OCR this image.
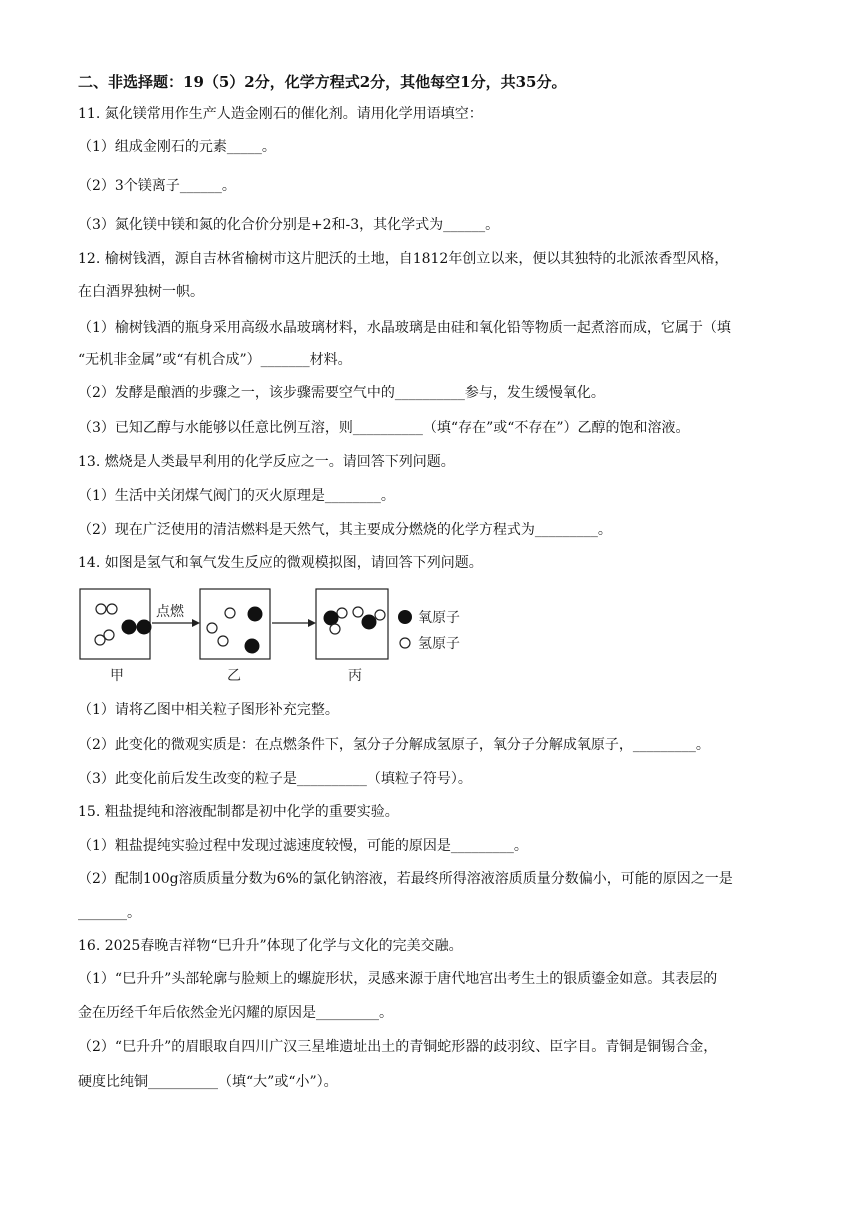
二、非选择题：19（5）2分，化学方程式2分，其他每空1分，共35分。
11. 氮化镁常用作生产人造金刚石的催化剂。请用化学用语填空：
（1）组成金刚石的元素_____。
（2）3个镁离子______。
（3）氮化镁中镁和氮的化合价分别是+2和-3，其化学式为______。
12. 榆树钱酒，源自吉林省榆树市这片肥沃的土地，自1812年创立以来，便以其独特的北派浓香型风格，
在白酒界独树一帜。
（1）榆树钱酒的瓶身采用高级水晶玻璃材料，水晶玻璃是由硅和氧化铅等物质一起煮溶而成，它属于（填
“无机非金属”或“有机合成”）_______材料。
（2）发酵是酿酒的步骤之一，该步骤需要空气中的__________参与，发生缓慢氧化。
（3）已知乙醇与水能够以任意比例互溶，则__________（填“存在”或“不存在”）乙醇的饱和溶液。
13. 燃烧是人类最早利用的化学反应之一。请回答下列问题。
（1）生活中关闭煤气阀门的灭火原理是________。
（2）现在广泛使用的清洁燃料是天然气，其主要成分燃烧的化学方程式为_________。
14. 如图是氢气和氧气发生反应的微观模拟图，请回答下列问题。
点燃	氧原子
氢原子
甲	乙	丙
（1）请将乙图中相关粒子图形补充完整。
（2）此变化的微观实质是：在点燃条件下，氢分子分解成氢原子，氧分子分解成氧原子，_________。
（3）此变化前后发生改变的粒子是__________（填粒子符号）。
15. 粗盐提纯和溶液配制都是初中化学的重要实验。
（1）粗盐提纯实验过程中发现过滤速度较慢，可能的原因是_________。
（2）配制100g溶质质量分数为6%的氯化钠溶液，若最终所得溶液溶质质量分数偏小，可能的原因之一是
_______。
16. 2025春晚吉祥物“巳升升”体现了化学与文化的完美交融。
（1）“巳升升”头部轮廓与脸颊上的螺旋形状，灵感来源于唐代地宫出考生土的银质鎏金如意。其表层的
金在历经千年后依然金光闪耀的原因是_________。
（2）“巳升升”的眉眼取自四川广汉三星堆遗址出土的青铜蛇形器的歧羽纹、臣字目。青铜是铜锡合金，
硬度比纯铜__________（填“大”或“小”）。
